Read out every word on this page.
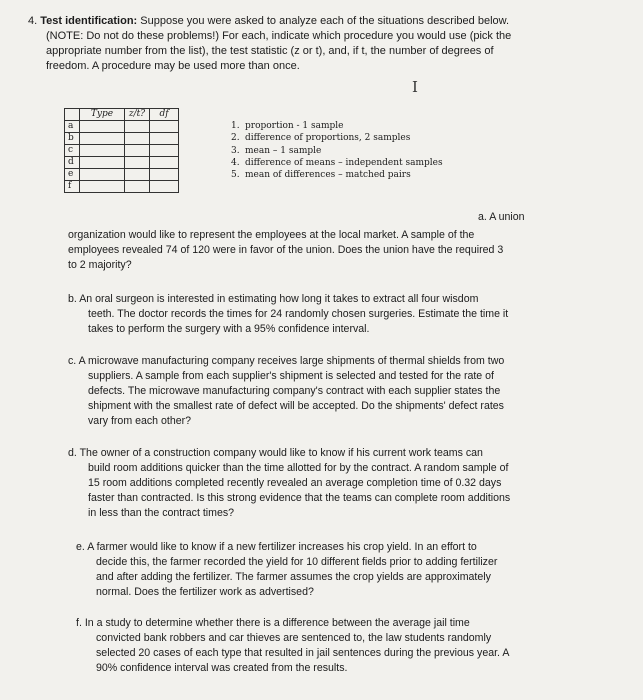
4. Test identification: Suppose you were asked to analyze each of the situations described below.
(NOTE: Do not do these problems!) For each, indicate which procedure you would use (pick the
appropriate number from the list), the test statistic (z or t), and, if t, the number of degrees of
freedom. A procedure may be used more than once.
I
	Type	z/t?	df
a			
b			
c			
d			
e			
f			
1. proportion - 1 sample
2. difference of proportions, 2 samples
3. mean – 1 sample
4. difference of means – independent samples
5. mean of differences – matched pairs
a. A union
organization would like to represent the employees at the local market. A sample of the
employees revealed 74 of 120 were in favor of the union. Does the union have the required 3
to 2 majority?
b. An oral surgeon is interested in estimating how long it takes to extract all four wisdom
teeth. The doctor records the times for 24 randomly chosen surgeries. Estimate the time it
takes to perform the surgery with a 95% confidence interval.
c. A microwave manufacturing company receives large shipments of thermal shields from two
suppliers. A sample from each supplier's shipment is selected and tested for the rate of
defects. The microwave manufacturing company's contract with each supplier states the
shipment with the smallest rate of defect will be accepted. Do the shipments' defect rates
vary from each other?
d. The owner of a construction company would like to know if his current work teams can
build room additions quicker than the time allotted for by the contract. A random sample of
15 room additions completed recently revealed an average completion time of 0.32 days
faster than contracted. Is this strong evidence that the teams can complete room additions
in less than the contract times?
e. A farmer would like to know if a new fertilizer increases his crop yield. In an effort to
decide this, the farmer recorded the yield for 10 different fields prior to adding fertilizer
and after adding the fertilizer. The farmer assumes the crop yields are approximately
normal. Does the fertilizer work as advertised?
f. In a study to determine whether there is a difference between the average jail time
convicted bank robbers and car thieves are sentenced to, the law students randomly
selected 20 cases of each type that resulted in jail sentences during the previous year. A
90% confidence interval was created from the results.
